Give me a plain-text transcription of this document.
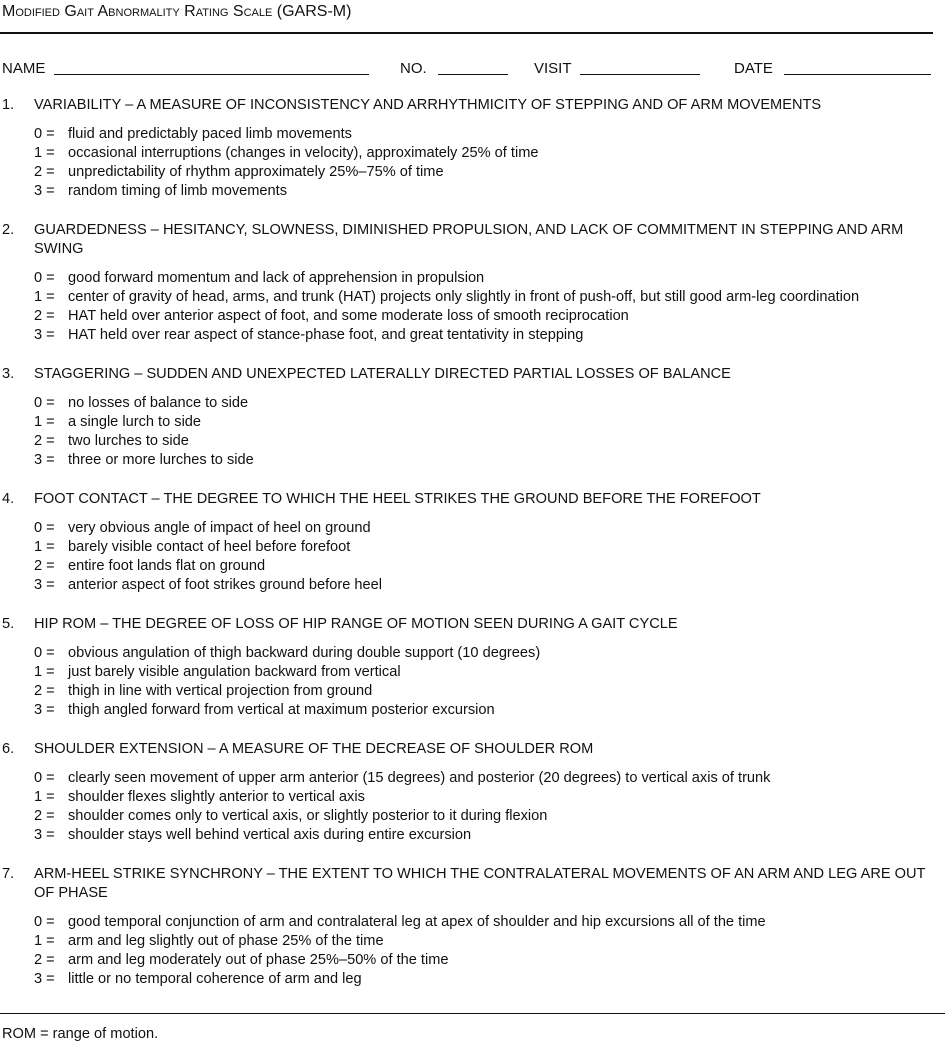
Modified Gait Abnormality Rating Scale (GARS-M)
NAME	NO.	VISIT	DATE
1.	VARIABILITY – A MEASURE OF INCONSISTENCY AND ARRHYTHMICITY OF STEPPING AND OF ARM MOVEMENTS
0 = fluid and predictably paced limb movements
1 = occasional interruptions (changes in velocity), approximately 25% of time
2 = unpredictability of rhythm approximately 25%–75% of time
3 = random timing of limb movements
2.	GUARDEDNESS – HESITANCY, SLOWNESS, DIMINISHED PROPULSION, AND LACK OF COMMITMENT IN STEPPING AND ARM SWING
0 = good forward momentum and lack of apprehension in propulsion
1 = center of gravity of head, arms, and trunk (HAT) projects only slightly in front of push-off, but still good arm-leg coordination
2 = HAT held over anterior aspect of foot, and some moderate loss of smooth reciprocation
3 = HAT held over rear aspect of stance-phase foot, and great tentativity in stepping
3.	STAGGERING – SUDDEN AND UNEXPECTED LATERALLY DIRECTED PARTIAL LOSSES OF BALANCE
0 = no losses of balance to side
1 = a single lurch to side
2 = two lurches to side
3 = three or more lurches to side
4.	FOOT CONTACT – THE DEGREE TO WHICH THE HEEL STRIKES THE GROUND BEFORE THE FOREFOOT
0 = very obvious angle of impact of heel on ground
1 = barely visible contact of heel before forefoot
2 = entire foot lands flat on ground
3 = anterior aspect of foot strikes ground before heel
5.	HIP ROM – THE DEGREE OF LOSS OF HIP RANGE OF MOTION SEEN DURING A GAIT CYCLE
0 = obvious angulation of thigh backward during double support (10 degrees)
1 = just barely visible angulation backward from vertical
2 = thigh in line with vertical projection from ground
3 = thigh angled forward from vertical at maximum posterior excursion
6.	SHOULDER EXTENSION – A MEASURE OF THE DECREASE OF SHOULDER ROM
0 = clearly seen movement of upper arm anterior (15 degrees) and posterior (20 degrees) to vertical axis of trunk
1 = shoulder flexes slightly anterior to vertical axis
2 = shoulder comes only to vertical axis, or slightly posterior to it during flexion
3 = shoulder stays well behind vertical axis during entire excursion
7.	ARM-HEEL STRIKE SYNCHRONY – THE EXTENT TO WHICH THE CONTRALATERAL MOVEMENTS OF AN ARM AND LEG ARE OUT OF PHASE
0 = good temporal conjunction of arm and contralateral leg at apex of shoulder and hip excursions all of the time
1 = arm and leg slightly out of phase 25% of the time
2 = arm and leg moderately out of phase 25%–50% of the time
3 = little or no temporal coherence of arm and leg
ROM = range of motion.
